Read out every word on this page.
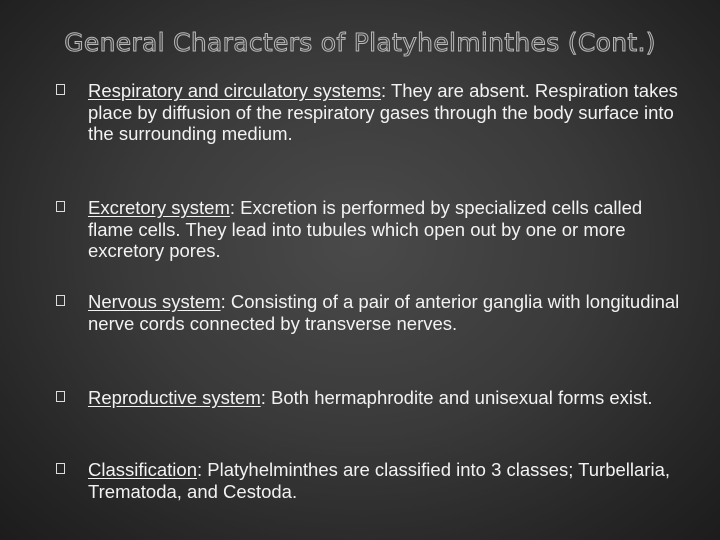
General Characters of Platyhelminthes (Cont.)
Respiratory and circulatory systems: They are absent. Respiration takes place by diffusion of the respiratory gases through the body surface into the surrounding medium.
Excretory system: Excretion is performed by specialized cells called flame cells. They lead into tubules which open out by one or more excretory pores.
Nervous system: Consisting of a pair of anterior ganglia with longitudinal nerve cords connected by transverse nerves.
Reproductive system: Both hermaphrodite and unisexual forms exist.
Classification: Platyhelminthes are classified into 3 classes; Turbellaria, Trematoda, and Cestoda.
